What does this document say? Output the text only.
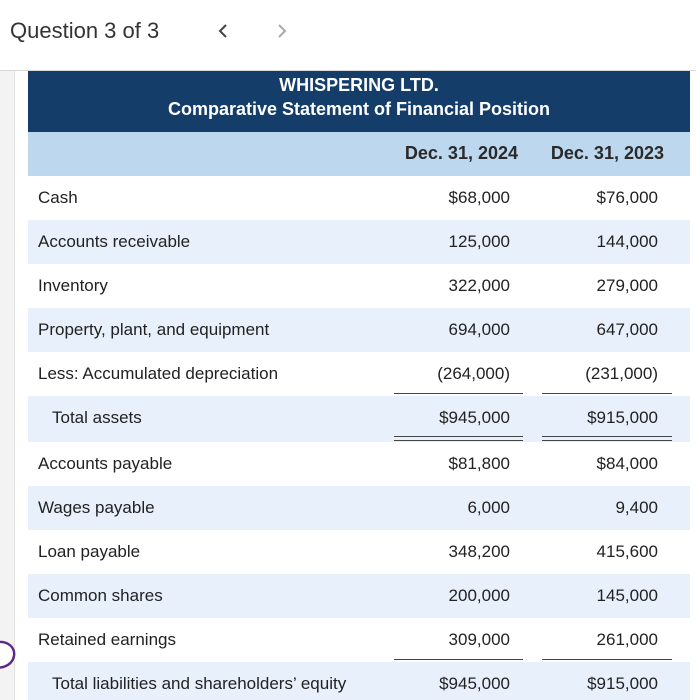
Question 3 of 3
WHISPERING LTD.
Comparative Statement of Financial Position
Dec. 31, 2024	Dec. 31, 2023
Cash	$68,000	$76,000
Accounts receivable	125,000	144,000
Inventory	322,000	279,000
Property, plant, and equipment	694,000	647,000
Less: Accumulated depreciation	(264,000)	(231,000)
Total assets	$945,000	$915,000
Accounts payable	$81,800	$84,000
Wages payable	6,000	9,400
Loan payable	348,200	415,600
Common shares	200,000	145,000
Retained earnings	309,000	261,000
Total liabilities and shareholders’ equity	$945,000	$915,000
